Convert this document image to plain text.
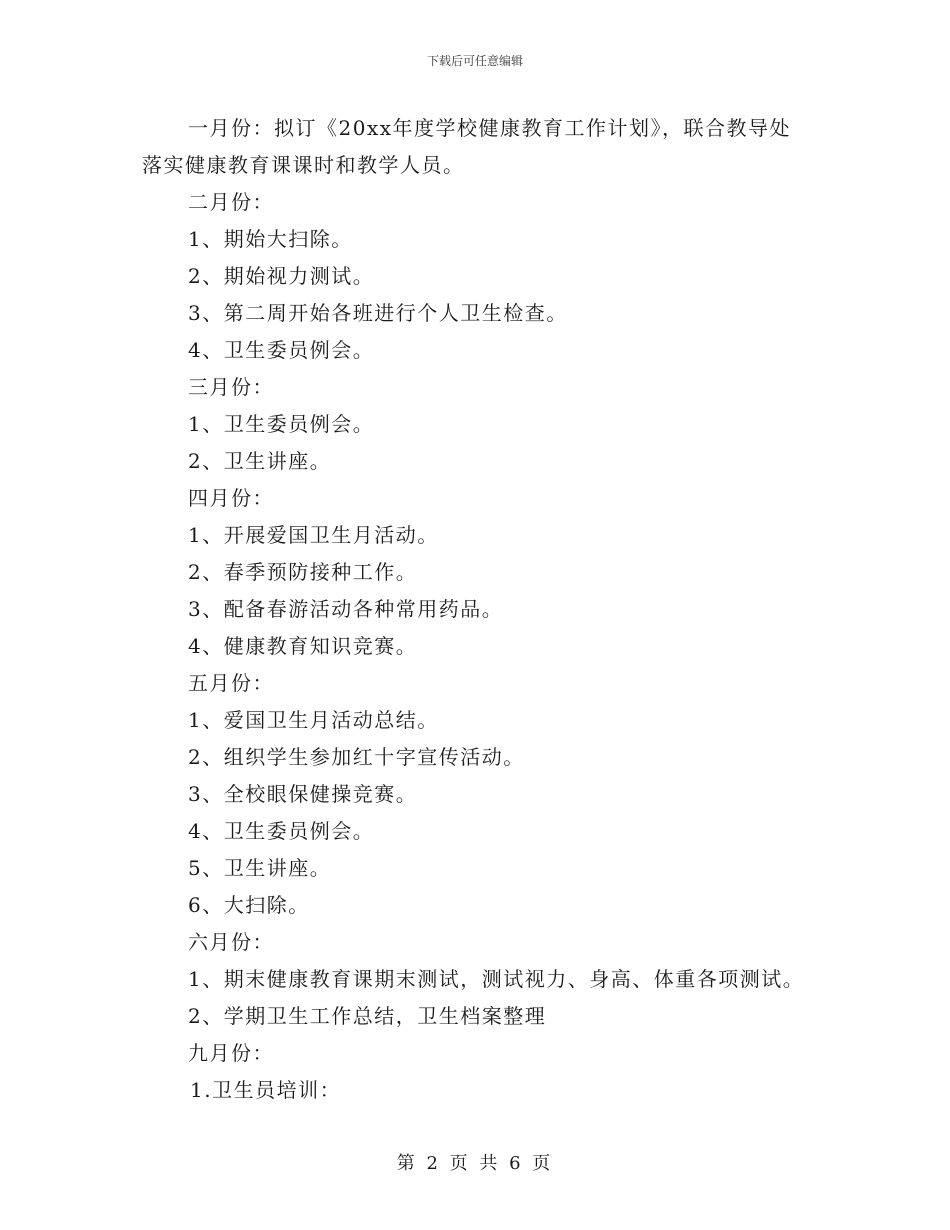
下载后可任意编辑
一月份：拟订《20xx年度学校健康教育工作计划》，联合教导处
落实健康教育课课时和教学人员。
二月份：
1、期始大扫除。
2、期始视力测试。
3、第二周开始各班进行个人卫生检查。
4、卫生委员例会。
三月份：
1、卫生委员例会。
2、卫生讲座。
四月份：
1、开展爱国卫生月活动。
2、春季预防接种工作。
3、配备春游活动各种常用药品。
4、健康教育知识竞赛。
五月份：
1、爱国卫生月活动总结。
2、组织学生参加红十字宣传活动。
3、全校眼保健操竞赛。
4、卫生委员例会。
5、卫生讲座。
6、大扫除。
六月份：
1、期末健康教育课期末测试，测试视力、身高、体重各项测试。
2、学期卫生工作总结，卫生档案整理
九月份：
1.卫生员培训：
第 2 页 共 6 页
